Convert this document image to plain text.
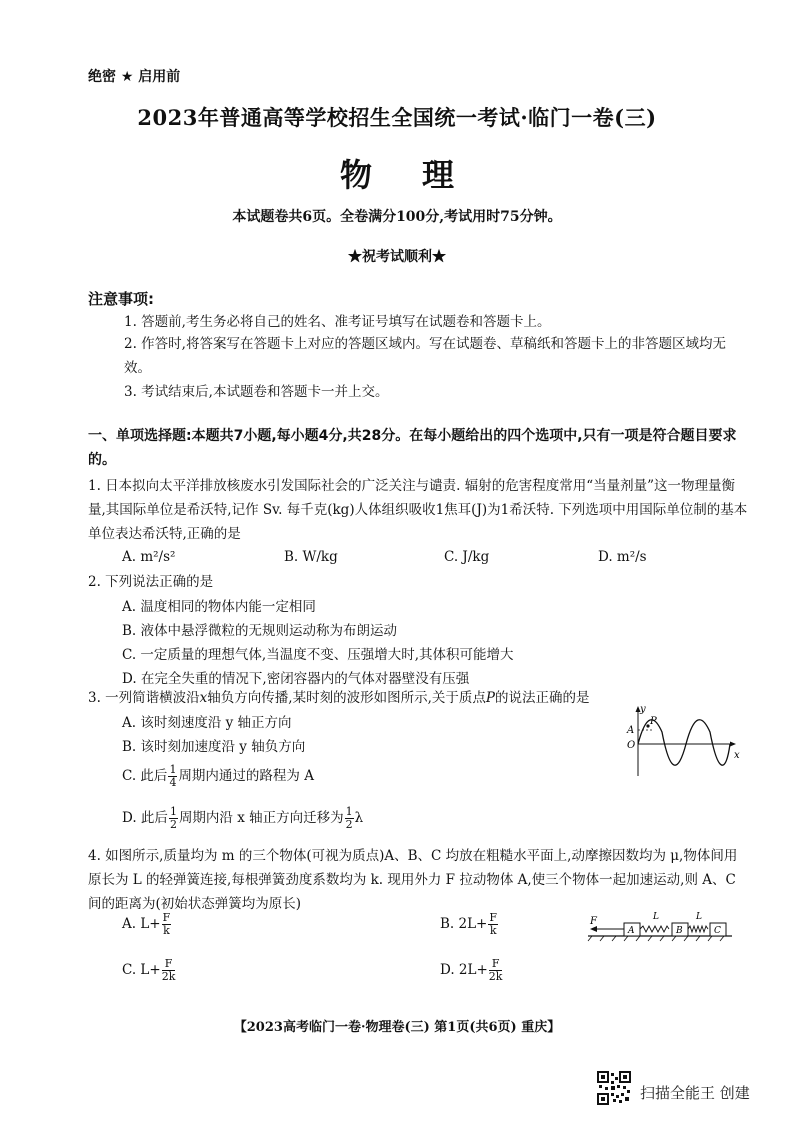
绝密 ★ 启用前
2023年普通高等学校招生全国统一考试·临门一卷(三)
物理
本试题卷共6页。全卷满分100分,考试用时75分钟。
★祝考试顺利★
注意事项:
1. 答题前,考生务必将自己的姓名、准考证号填写在试题卷和答题卡上。
2. 作答时,将答案写在答题卡上对应的答题区域内。写在试题卷、草稿纸和答题卡上的非答题区域均无效。
3. 考试结束后,本试题卷和答题卡一并上交。
一、单项选择题:本题共7小题,每小题4分,共28分。在每小题给出的四个选项中,只有一项是符合题目要求的。
1. 日本拟向太平洋排放核废水引发国际社会的广泛关注与谴责. 辐射的危害程度常用“当量剂量”这一物理量衡量,其国际单位是希沃特,记作 Sv. 每千克(kg)人体组织吸收1焦耳(J)为1希沃特. 下列选项中用国际单位制的基本单位表达希沃特,正确的是
A. m²/s²	B. W/kg	C. J/kg	D. m²/s
2. 下列说法正确的是
A. 温度相同的物体内能一定相同
B. 液体中悬浮微粒的无规则运动称为布朗运动
C. 一定质量的理想气体,当温度不变、压强增大时,其体积可能增大
D. 在完全失重的情况下,密闭容器内的气体对器壁没有压强
3. 一列简谐横波沿x轴负方向传播,某时刻的波形如图所示,关于质点P的说法正确的是
A. 该时刻速度沿 y 轴正方向
B. 该时刻加速度沿 y 轴负方向
C. 此后 $\frac{1}{4}$ 周期内通过的路程为 A
D. 此后 $\frac{1}{2}$ 周期内沿 x 轴正方向迁移为 $\frac{1}{2}$ λ
y
x
A
O
P
4. 如图所示,质量均为 m 的三个物体(可视为质点)A、B、C 均放在粗糙水平面上,动摩擦因数均为 μ,物体间用原长为 L 的轻弹簧连接,每根弹簧劲度系数均为 k. 现用外力 F 拉动物体 A,使三个物体一起加速运动,则 A、C 间的距离为(初始状态弹簧均为原长)
A. $L+ \frac{F}{k}$	B. $2L+ \frac{F}{k}$
C. $L+ \frac{F}{2k}$	D. $2L+ \frac{F}{2k}$
F
A	B	C
L	L
【2023高考临门一卷·物理卷(三) 第1页(共6页) 重庆】
扫描全能王 创建
